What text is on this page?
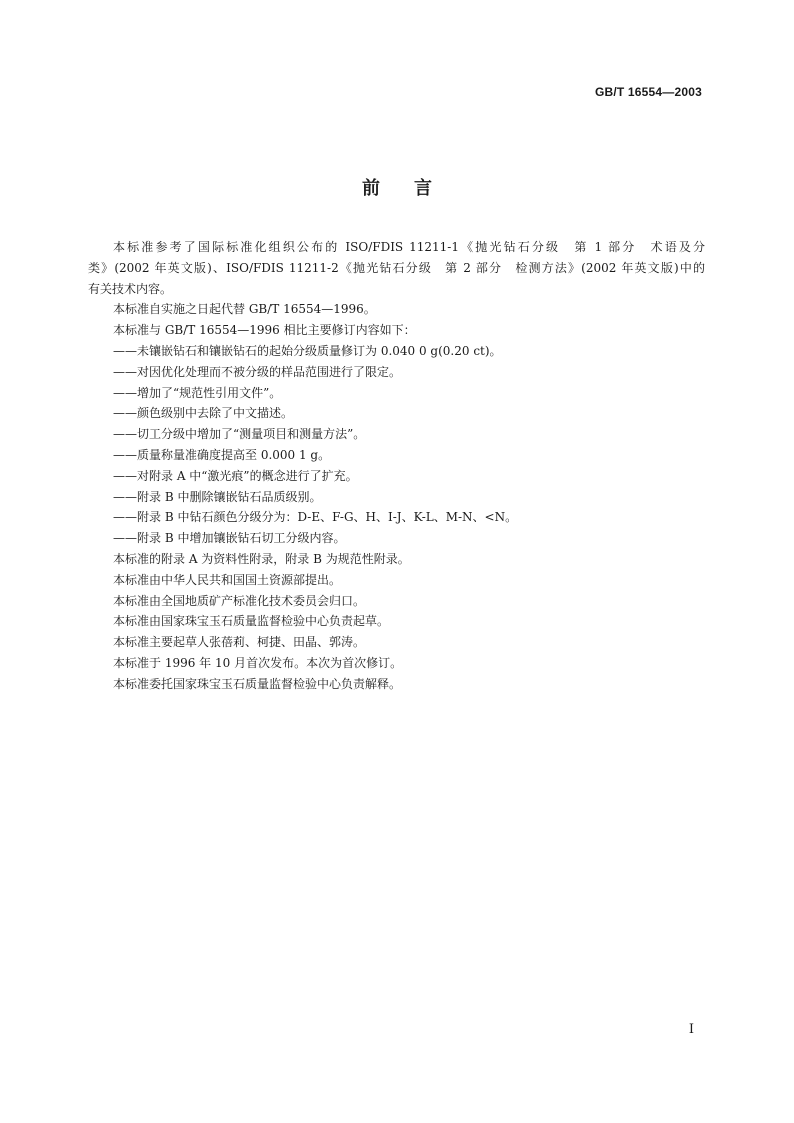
GB/T 16554—2003
前言

本标准参考了国际标准化组织公布的 ISO/FDIS 11211-1《抛光钻石分级　第 1 部分　术语及分

类》(2002 年英文版)、ISO/FDIS 11211-2《抛光钻石分级　第 2 部分　检测方法》(2002 年英文版)中的

有关技术内容。

本标准自实施之日起代替 GB/T 16554—1996。

本标准与 GB/T 16554—1996 相比主要修订内容如下：

——未镶嵌钻石和镶嵌钻石的起始分级质量修订为 0.040 0 g(0.20 ct)。

——对因优化处理而不被分级的样品范围进行了限定。

——增加了“规范性引用文件”。

——颜色级别中去除了中文描述。

——切工分级中增加了“测量项目和测量方法”。

——质量称量准确度提高至 0.000 1 g。

——对附录 A 中“激光痕”的概念进行了扩充。

——附录 B 中删除镶嵌钻石品质级别。

——附录 B 中钻石颜色分级分为：D-E、F-G、H、I-J、K-L、M-N、<N。

——附录 B 中增加镶嵌钻石切工分级内容。

本标准的附录 A 为资料性附录，附录 B 为规范性附录。

本标准由中华人民共和国国土资源部提出。

本标准由全国地质矿产标准化技术委员会归口。

本标准由国家珠宝玉石质量监督检验中心负责起草。

本标准主要起草人张蓓莉、柯捷、田晶、郭涛。

本标准于 1996 年 10 月首次发布。本次为首次修订。

本标准委托国家珠宝玉石质量监督检验中心负责解释。

I
